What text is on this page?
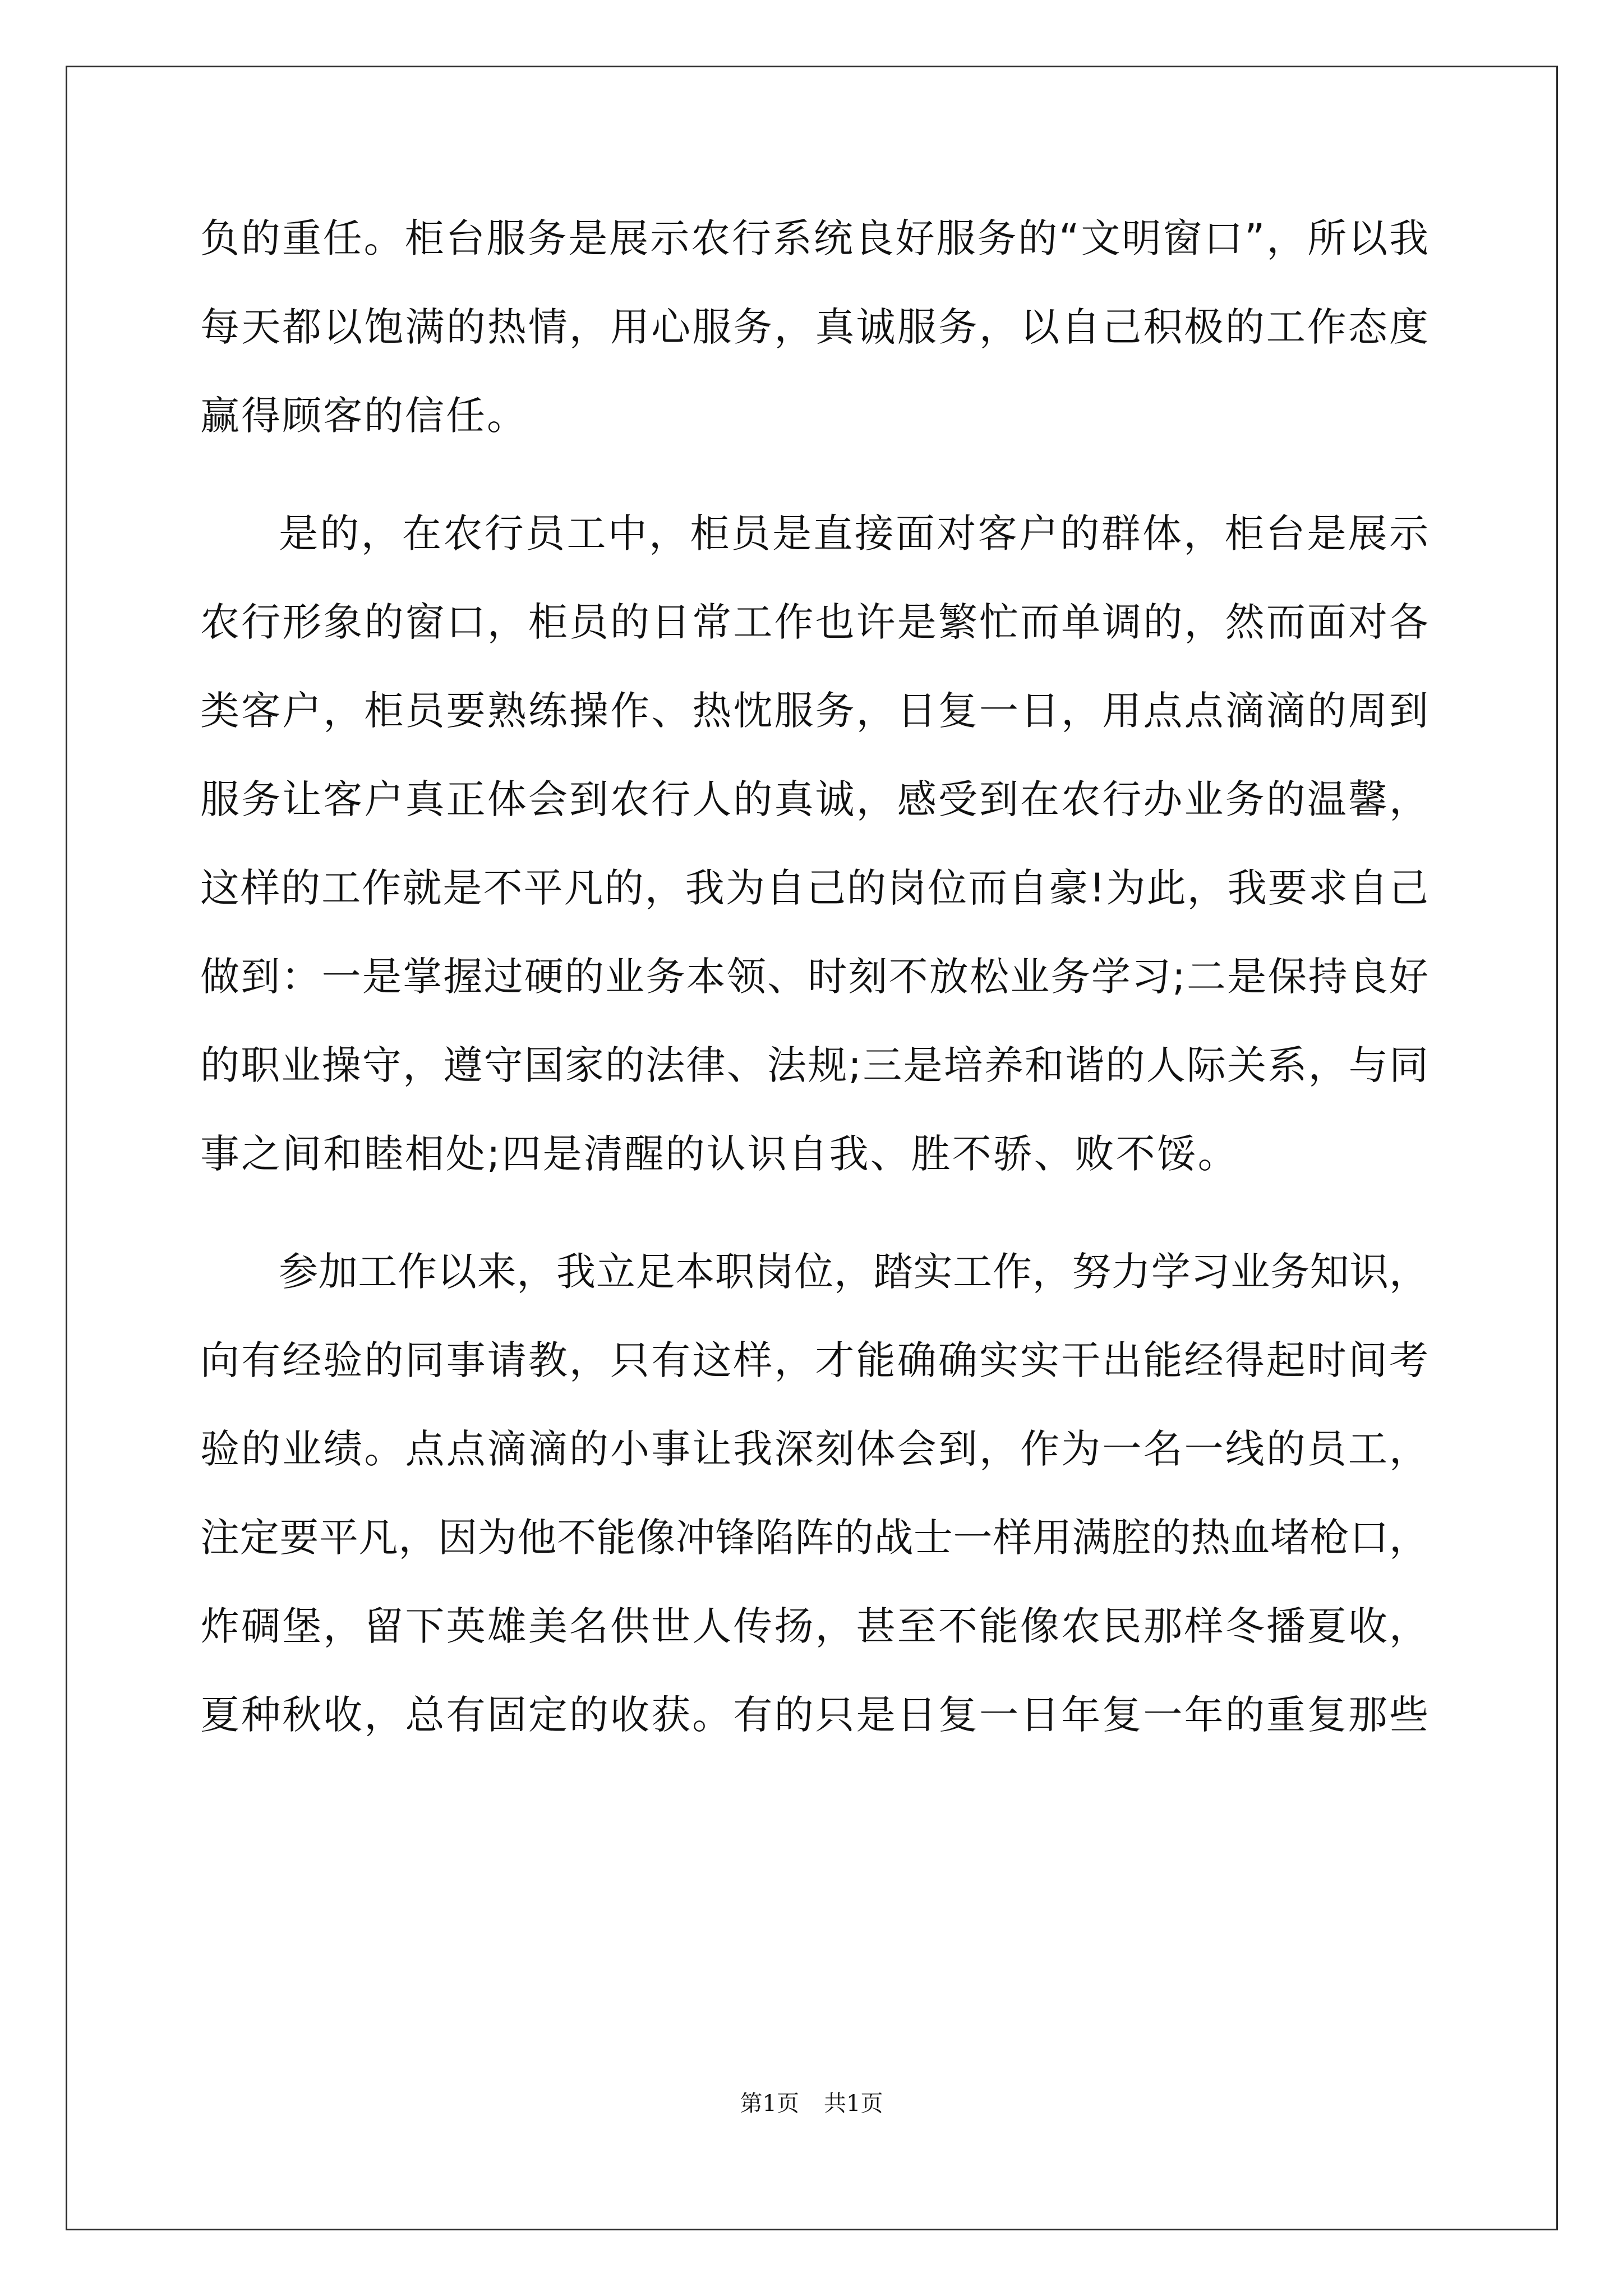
负的重任。柜台服务是展示农行系统良好服务的“文明窗口”，所以我
每天都以饱满的热情，用心服务，真诚服务，以自己积极的工作态度
赢得顾客的信任。
是的，在农行员工中，柜员是直接面对客户的群体，柜台是展示
农行形象的窗口，柜员的日常工作也许是繁忙而单调的，然而面对各
类客户，柜员要熟练操作、热忱服务，日复一日，用点点滴滴的周到
服务让客户真正体会到农行人的真诚，感受到在农行办业务的温馨，
这样的工作就是不平凡的，我为自己的岗位而自豪!为此，我要求自己
做到：一是掌握过硬的业务本领、时刻不放松业务学习;二是保持良好
的职业操守，遵守国家的法律、法规;三是培养和谐的人际关系，与同
事之间和睦相处;四是清醒的认识自我、胜不骄、败不馁。
参加工作以来，我立足本职岗位，踏实工作，努力学习业务知识，
向有经验的同事请教，只有这样，才能确确实实干出能经得起时间考
验的业绩。点点滴滴的小事让我深刻体会到，作为一名一线的员工，
注定要平凡，因为他不能像冲锋陷阵的战士一样用满腔的热血堵枪口，
炸碉堡，留下英雄美名供世人传扬，甚至不能像农民那样冬播夏收，
夏种秋收，总有固定的收获。有的只是日复一日年复一年的重复那些
第1页 共1页
